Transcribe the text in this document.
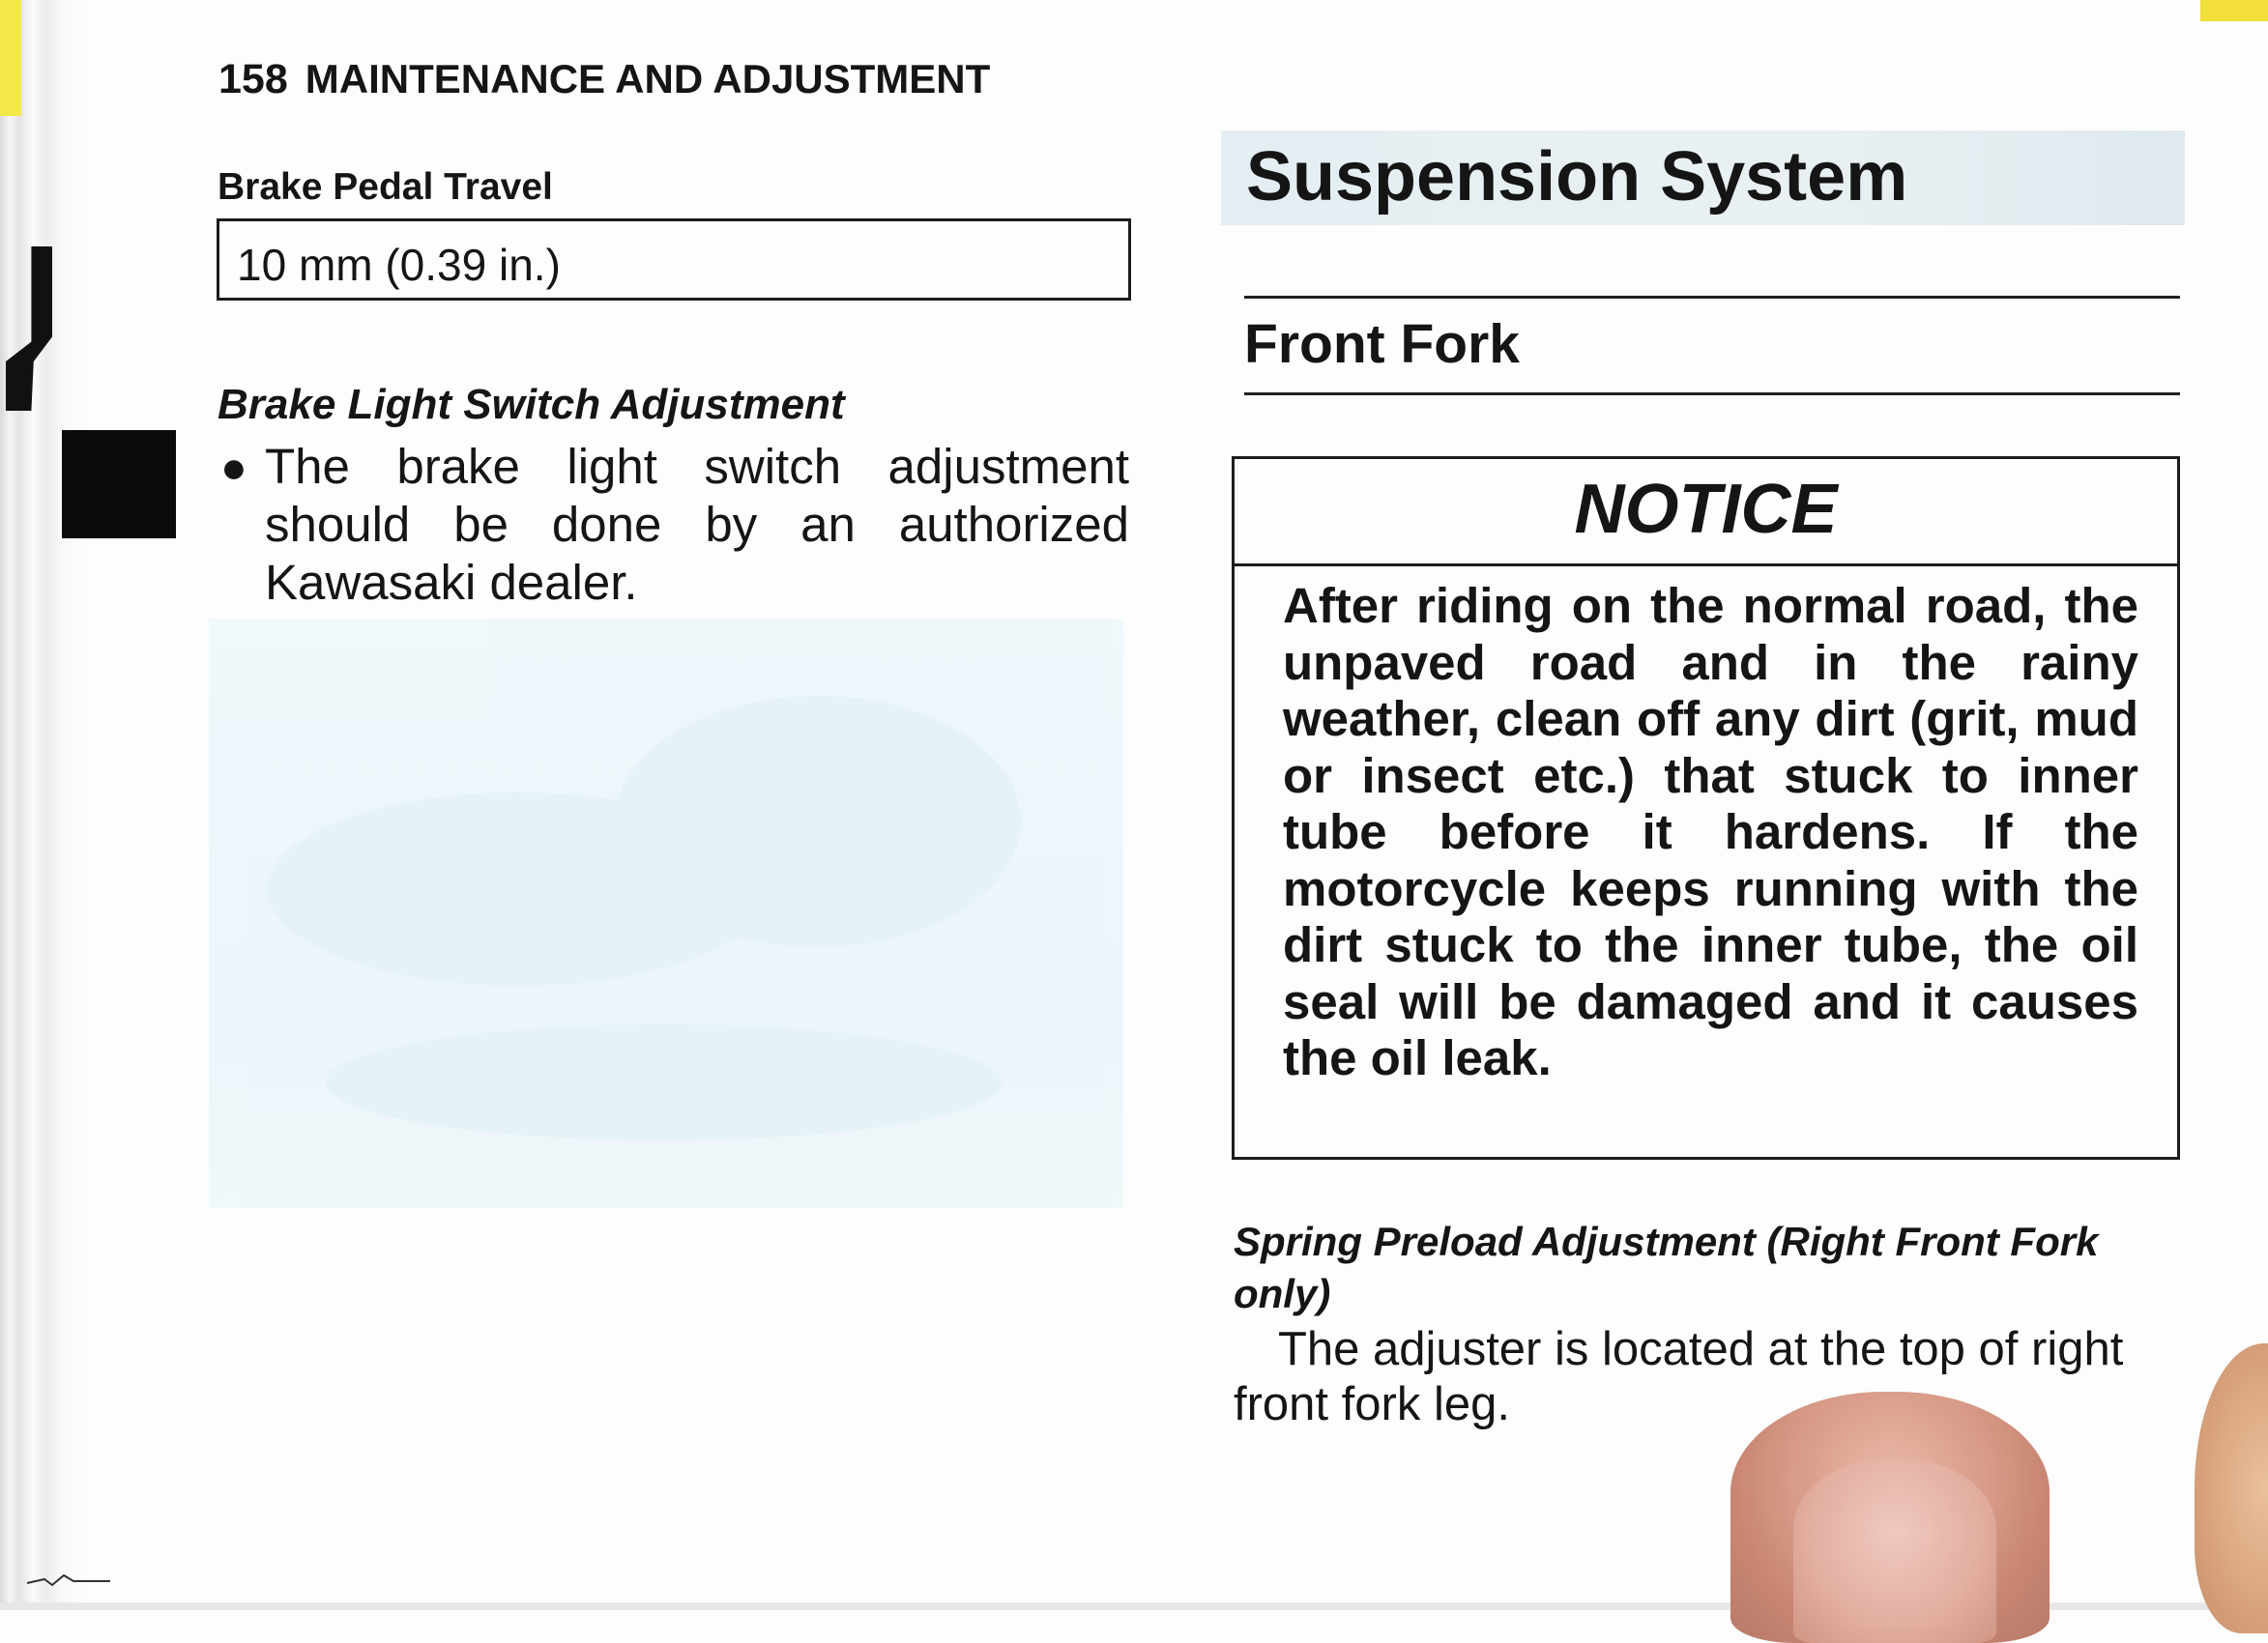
158 MAINTENANCE AND ADJUSTMENT
Brake Pedal Travel
10 mm (0.39 in.)
Brake Light Switch Adjustment
● The brake light switch adjustment should be done by an authorized Kawasaki dealer.
Suspension System
Front Fork
NOTICE
After riding on the normal road, the unpaved road and in the rainy weather, clean off any dirt (grit, mud or insect etc.) that stuck to inner tube before it hardens. If the motorcycle keeps running with the dirt stuck to the inner tube, the oil seal will be damaged and it causes the oil leak.
Spring Preload Adjustment (Right Front Fork only)
The adjuster is located at the top of right front fork leg.
